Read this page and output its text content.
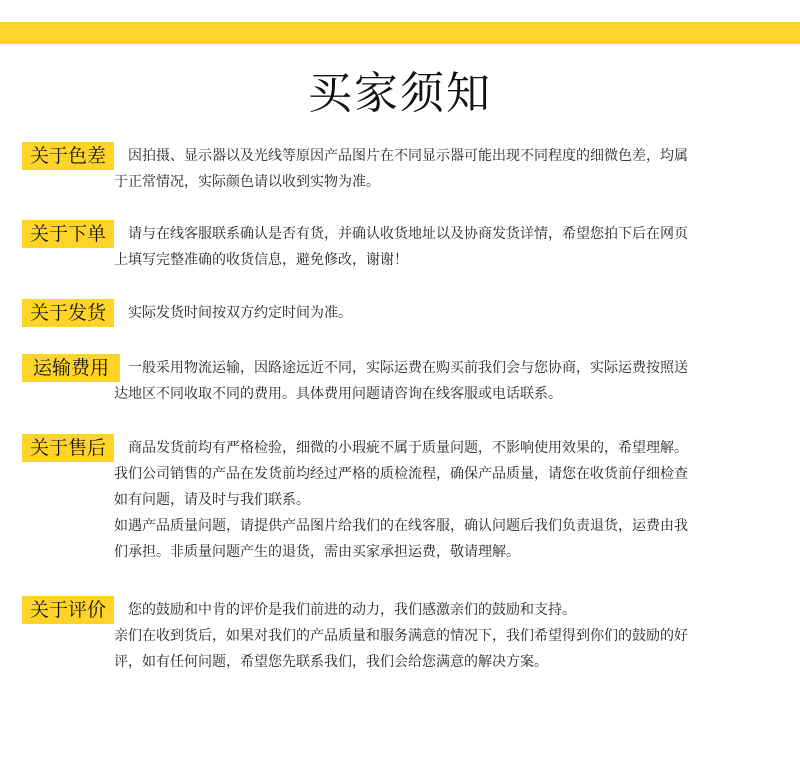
买家须知
关于色差	因拍摄、显示器以及光线等原因产品图片在不同显示器可能出现不同程度的细微色差，均属

于正常情况，实际颜色请以收到实物为准。

关于下单	请与在线客服联系确认是否有货，并确认收货地址以及协商发货详情，希望您拍下后在网页

上填写完整准确的收货信息，避免修改，谢谢！

关于发货	实际发货时间按双方约定时间为准。

运输费用	一般采用物流运输，因路途远近不同，实际运费在购买前我们会与您协商，实际运费按照送

达地区不同收取不同的费用。具体费用问题请咨询在线客服或电话联系。

关于售后	商品发货前均有严格检验，细微的小瑕疵不属于质量问题，不影响使用效果的，希望理解。

我们公司销售的产品在发货前均经过严格的质检流程，确保产品质量，请您在收货前仔细检查

如有问题，请及时与我们联系。

如遇产品质量问题，请提供产品图片给我们的在线客服，确认问题后我们负责退货，运费由我

们承担。非质量问题产生的退货，需由买家承担运费，敬请理解。

关于评价	您的鼓励和中肯的评价是我们前进的动力，我们感激亲们的鼓励和支持。

亲们在收到货后，如果对我们的产品质量和服务满意的情况下，我们希望得到你们的鼓励的好

评，如有任何问题，希望您先联系我们，我们会给您满意的解决方案。
